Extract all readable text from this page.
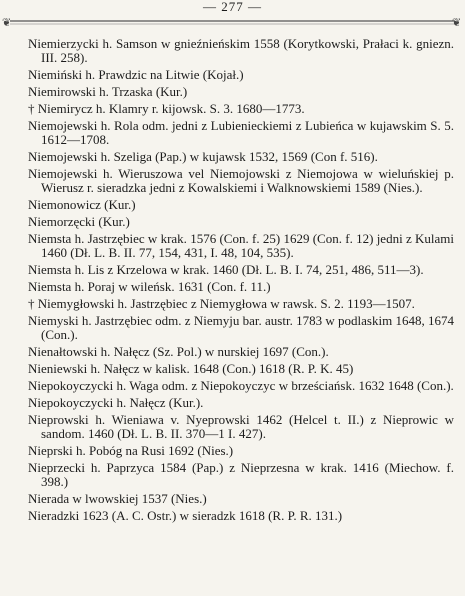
— 277 —
❦	❦

Niemierzycki h. Samson w gnieźnieńskim 1558 (Korytkowski, Prałaci k. gniezn. III. 258).

Niemiński h. Prawdzic na Litwie (Kojał.)

Niemirowski h. Trzaska (Kur.)

† Niemirycz h. Klamry r. kijowsk. S. 3. 1680—1773.

Niemojewski h. Rola odm. jedni z Lubienieckiemi z Lubieńca w kujawskim S. 5. 1612—1708.

Niemojewski h. Szeliga (Pap.) w kujawsk 1532, 1569 (Con f. 516).

Niemojewski h. Wieruszowa vel Niemojowski z Niemojowa w wieluńskiej p. Wierusz r. sieradzka jedni z Kowalskiemi i Walknowskiemi 1589 (Nies.).

Niemonowicz (Kur.)

Niemorzęcki (Kur.)

Niemsta h. Jastrzębiec w krak. 1576 (Con. f. 25) 1629 (Con. f. 12) jedni z Kulami 1460 (Dł. L. B. II. 77, 154, 431, I. 48, 104, 535).

Niemsta h. Lis z Krzelowa w krak. 1460 (Dł. L. B. I. 74, 251, 486, 511—3).

Niemsta h. Poraj w wileńsk. 1631 (Con. f. 11.)

† Niemygłowski h. Jastrzębiec z Niemygłowa w rawsk. S. 2. 1193—1507.

Niemyski h. Jastrzębiec odm. z Niemyju bar. austr. 1783 w podlaskim 1648, 1674 (Con.).

Nienałtowski h. Nałęcz (Sz. Pol.) w nurskiej 1697 (Con.).

Nieniewski h. Nałęcz w kalisk. 1648 (Con.) 1618 (R. P. K. 45)

Niepokoyczycki h. Waga odm. z Niepokoyczyc w brześciańsk. 1632 1648 (Con.).

Niepokoyczycki h. Nałęcz (Kur.).

Nieprowski h. Wieniawa v. Nyeprowski 1462 (Helcel t. II.) z Nieprowic w sandom. 1460 (Dł. L. B. II. 370—1 I. 427).

Nieprski h. Pobóg na Rusi 1692 (Nies.)

Nieprzecki h. Paprzyca 1584 (Pap.) z Nieprzesna w krak. 1416 (Miechow. f. 398.)

Nierada w lwowskiej 1537 (Nies.)

Nieradzki 1623 (A. C. Ostr.) w sieradzk 1618 (R. P. R. 131.)
